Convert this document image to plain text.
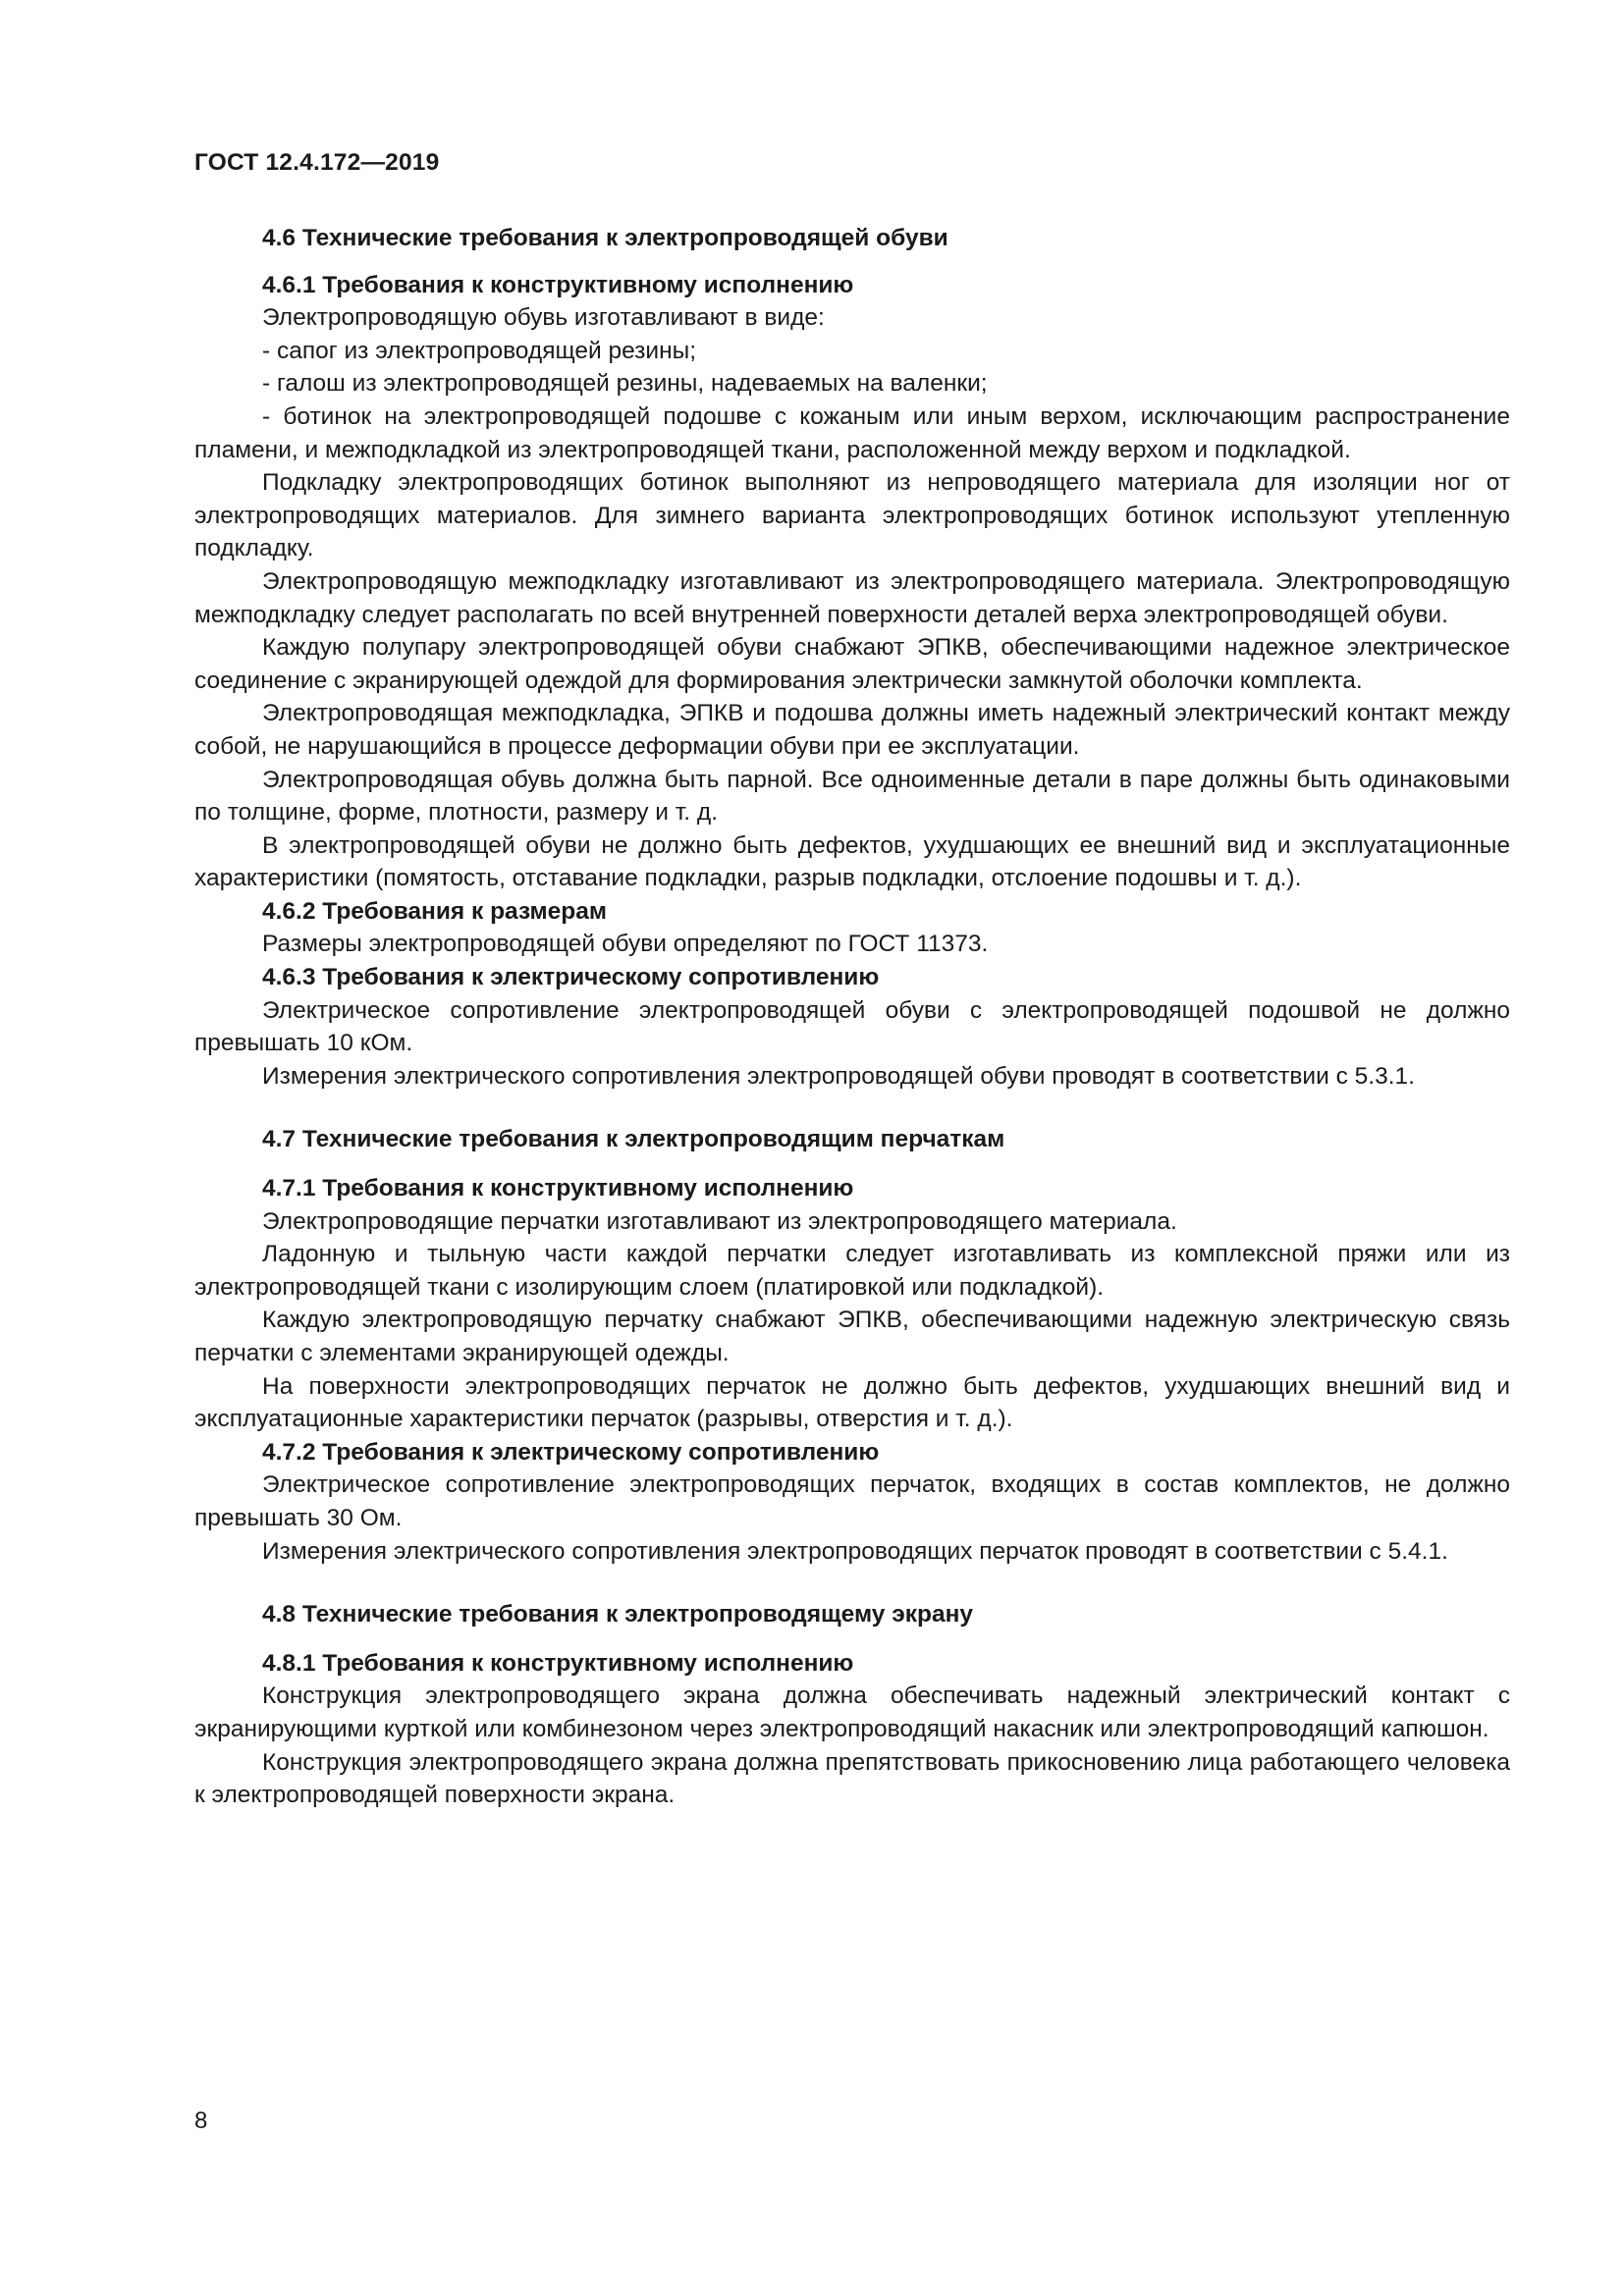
ГОСТ 12.4.172—2019
4.6 Технические требования к электропроводящей обуви
4.6.1 Требования к конструктивному исполнению

Электропроводящую обувь изготавливают в виде:

- сапог из электропроводящей резины;

- галош из электропроводящей резины, надеваемых на валенки;

- ботинок на электропроводящей подошве с кожаным или иным верхом, исключающим распространение пламени, и межподкладкой из электропроводящей ткани, расположенной между верхом и подкладкой.

Подкладку электропроводящих ботинок выполняют из непроводящего материала для изоляции ног от электропроводящих материалов. Для зимнего варианта электропроводящих ботинок используют утепленную подкладку.

Электропроводящую межподкладку изготавливают из электропроводящего материала. Электропроводящую межподкладку следует располагать по всей внутренней поверхности деталей верха электропроводящей обуви.

Каждую полупару электропроводящей обуви снабжают ЭПКВ, обеспечивающими надежное электрическое соединение с экранирующей одеждой для формирования электрически замкнутой оболочки комплекта.

Электропроводящая межподкладка, ЭПКВ и подошва должны иметь надежный электрический контакт между собой, не нарушающийся в процессе деформации обуви при ее эксплуатации.

Электропроводящая обувь должна быть парной. Все одноименные детали в паре должны быть одинаковыми по толщине, форме, плотности, размеру и т. д.

В электропроводящей обуви не должно быть дефектов, ухудшающих ее внешний вид и эксплуатационные характеристики (помятость, отставание подкладки, разрыв подкладки, отслоение подошвы и т. д.).

4.6.2 Требования к размерам

Размеры электропроводящей обуви определяют по ГОСТ 11373.

4.6.3 Требования к электрическому сопротивлению

Электрическое сопротивление электропроводящей обуви с электропроводящей подошвой не должно превышать 10 кОм.

Измерения электрического сопротивления электропроводящей обуви проводят в соответствии с 5.3.1.

4.7 Технические требования к электропроводящим перчаткам
4.7.1 Требования к конструктивному исполнению

Электропроводящие перчатки изготавливают из электропроводящего материала.

Ладонную и тыльную части каждой перчатки следует изготавливать из комплексной пряжи или из электропроводящей ткани с изолирующим слоем (платировкой или подкладкой).

Каждую электропроводящую перчатку снабжают ЭПКВ, обеспечивающими надежную электрическую связь перчатки с элементами экранирующей одежды.

На поверхности электропроводящих перчаток не должно быть дефектов, ухудшающих внешний вид и эксплуатационные характеристики перчаток (разрывы, отверстия и т. д.).

4.7.2 Требования к электрическому сопротивлению

Электрическое сопротивление электропроводящих перчаток, входящих в состав комплектов, не должно превышать 30 Ом.

Измерения электрического сопротивления электропроводящих перчаток проводят в соответствии с 5.4.1.

4.8 Технические требования к электропроводящему экрану
4.8.1 Требования к конструктивному исполнению

Конструкция электропроводящего экрана должна обеспечивать надежный электрический контакт с экранирующими курткой или комбинезоном через электропроводящий накасник или электропроводящий капюшон.

Конструкция электропроводящего экрана должна препятствовать прикосновению лица работающего человека к электропроводящей поверхности экрана.

8
